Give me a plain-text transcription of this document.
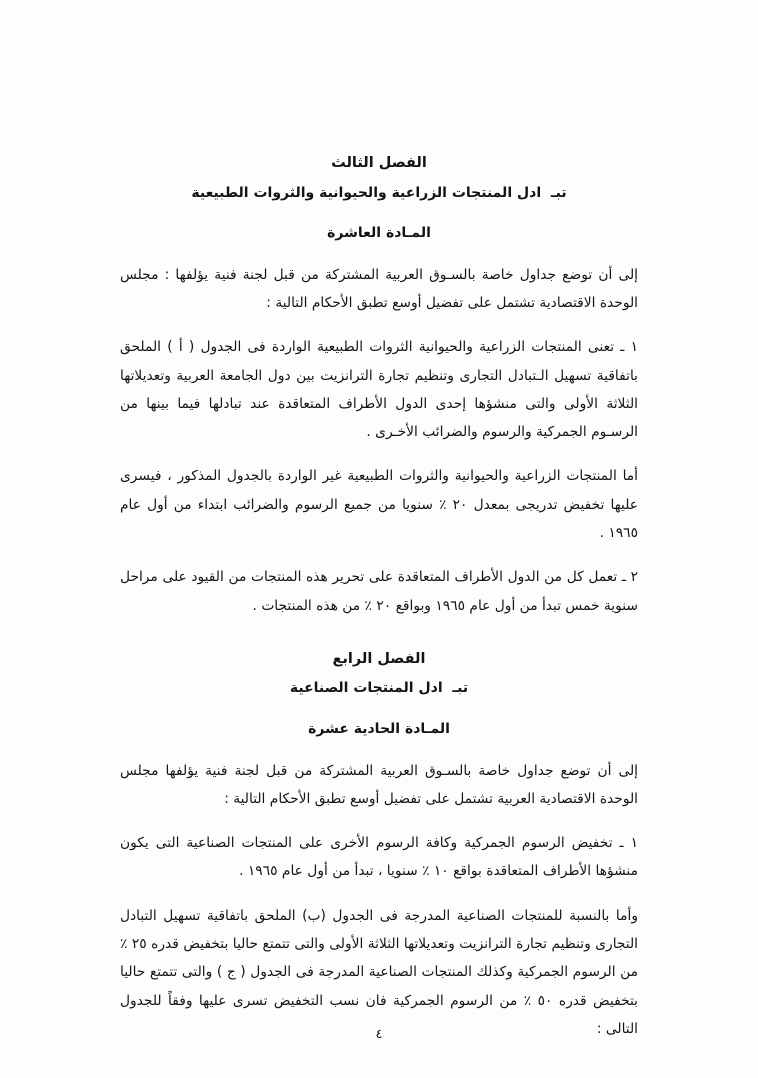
الفصل الثالث
تبـ  ادل المنتجات الزراعية والحيوانية والثروات الطبيعية
المـادة العاشرة

إلى أن توضع جداول خاصة بالسـوق العربية المشتركة من قبل لجنة فنية يؤلفها : مجلس الوحدة الاقتصادية تشتمل على تفضيل أوسع تطبق الأحكام التالية :

١ ـ تعنى المنتجات الزراعية والحيوانية الثروات الطبيعية الواردة فى الجدول ( أ ) الملحق باتفاقية تسهيل الـتبادل التجارى وتنظيم تجارة الترانزيت بين دول الجامعة العربية وتعديلاتها الثلاثة الأولى والتى منشؤها إحدى الدول الأطراف المتعاقدة عند تبادلها فيما بينها من الرسـوم الجمركية والرسوم والضرائب الأخـرى .

أما المنتجات الزراعية والحيوانية والثروات الطبيعية غير الواردة بالجدول المذكور ، فيسرى عليها تخفيض تدريجى بمعدل ٢٠ ٪ سنويا من جميع الرسوم والضرائب ابتداء من أول عام ١٩٦٥ .

٢ ـ تعمل كل من الدول الأطراف المتعاقدة على تحرير هذه المنتجات من القيود على مراحل سنوية خمس تبدأ من أول عام ١٩٦٥ وبواقع ٢٠ ٪ من هذه المنتجات .

الفصل الرابع
تبـ  ادل المنتجات الصناعية
المـادة الحادية عشرة

إلى أن توضع جداول خاصة بالسـوق العربية المشتركة من قبل لجنة فنية يؤلفها مجلس الوحدة الاقتصادية العربية تشتمل على تفضيل أوسع تطبق الأحكام التالية :

١ ـ تخفيض الرسوم الجمركية وكافة الرسوم الأخرى على المنتجات الصناعية التى يكون منشؤها الأطراف المتعاقدة بواقع ١٠ ٪ سنويا ، تبدأ من أول عام ١٩٦٥ .

وأما بالنسبة للمنتجات الصناعية المدرجة فى الجدول (ب) الملحق باتفاقية تسهيل التبادل التجارى وتنظيم تجارة الترانزيت وتعديلاتها الثلاثة الأولى والتى تتمتع حاليا بتخفيض قدره ٢٥ ٪ من الرسوم الجمركية وكذلك المنتجات الصناعية المدرجة فى الجدول ( ج ) والتى تتمتع حاليا بتخفيض قدره ٥٠ ٪ من الرسوم الجمركية فان نسب التخفيض تسرى عليها وفقاً للجدول التالى :

٤
